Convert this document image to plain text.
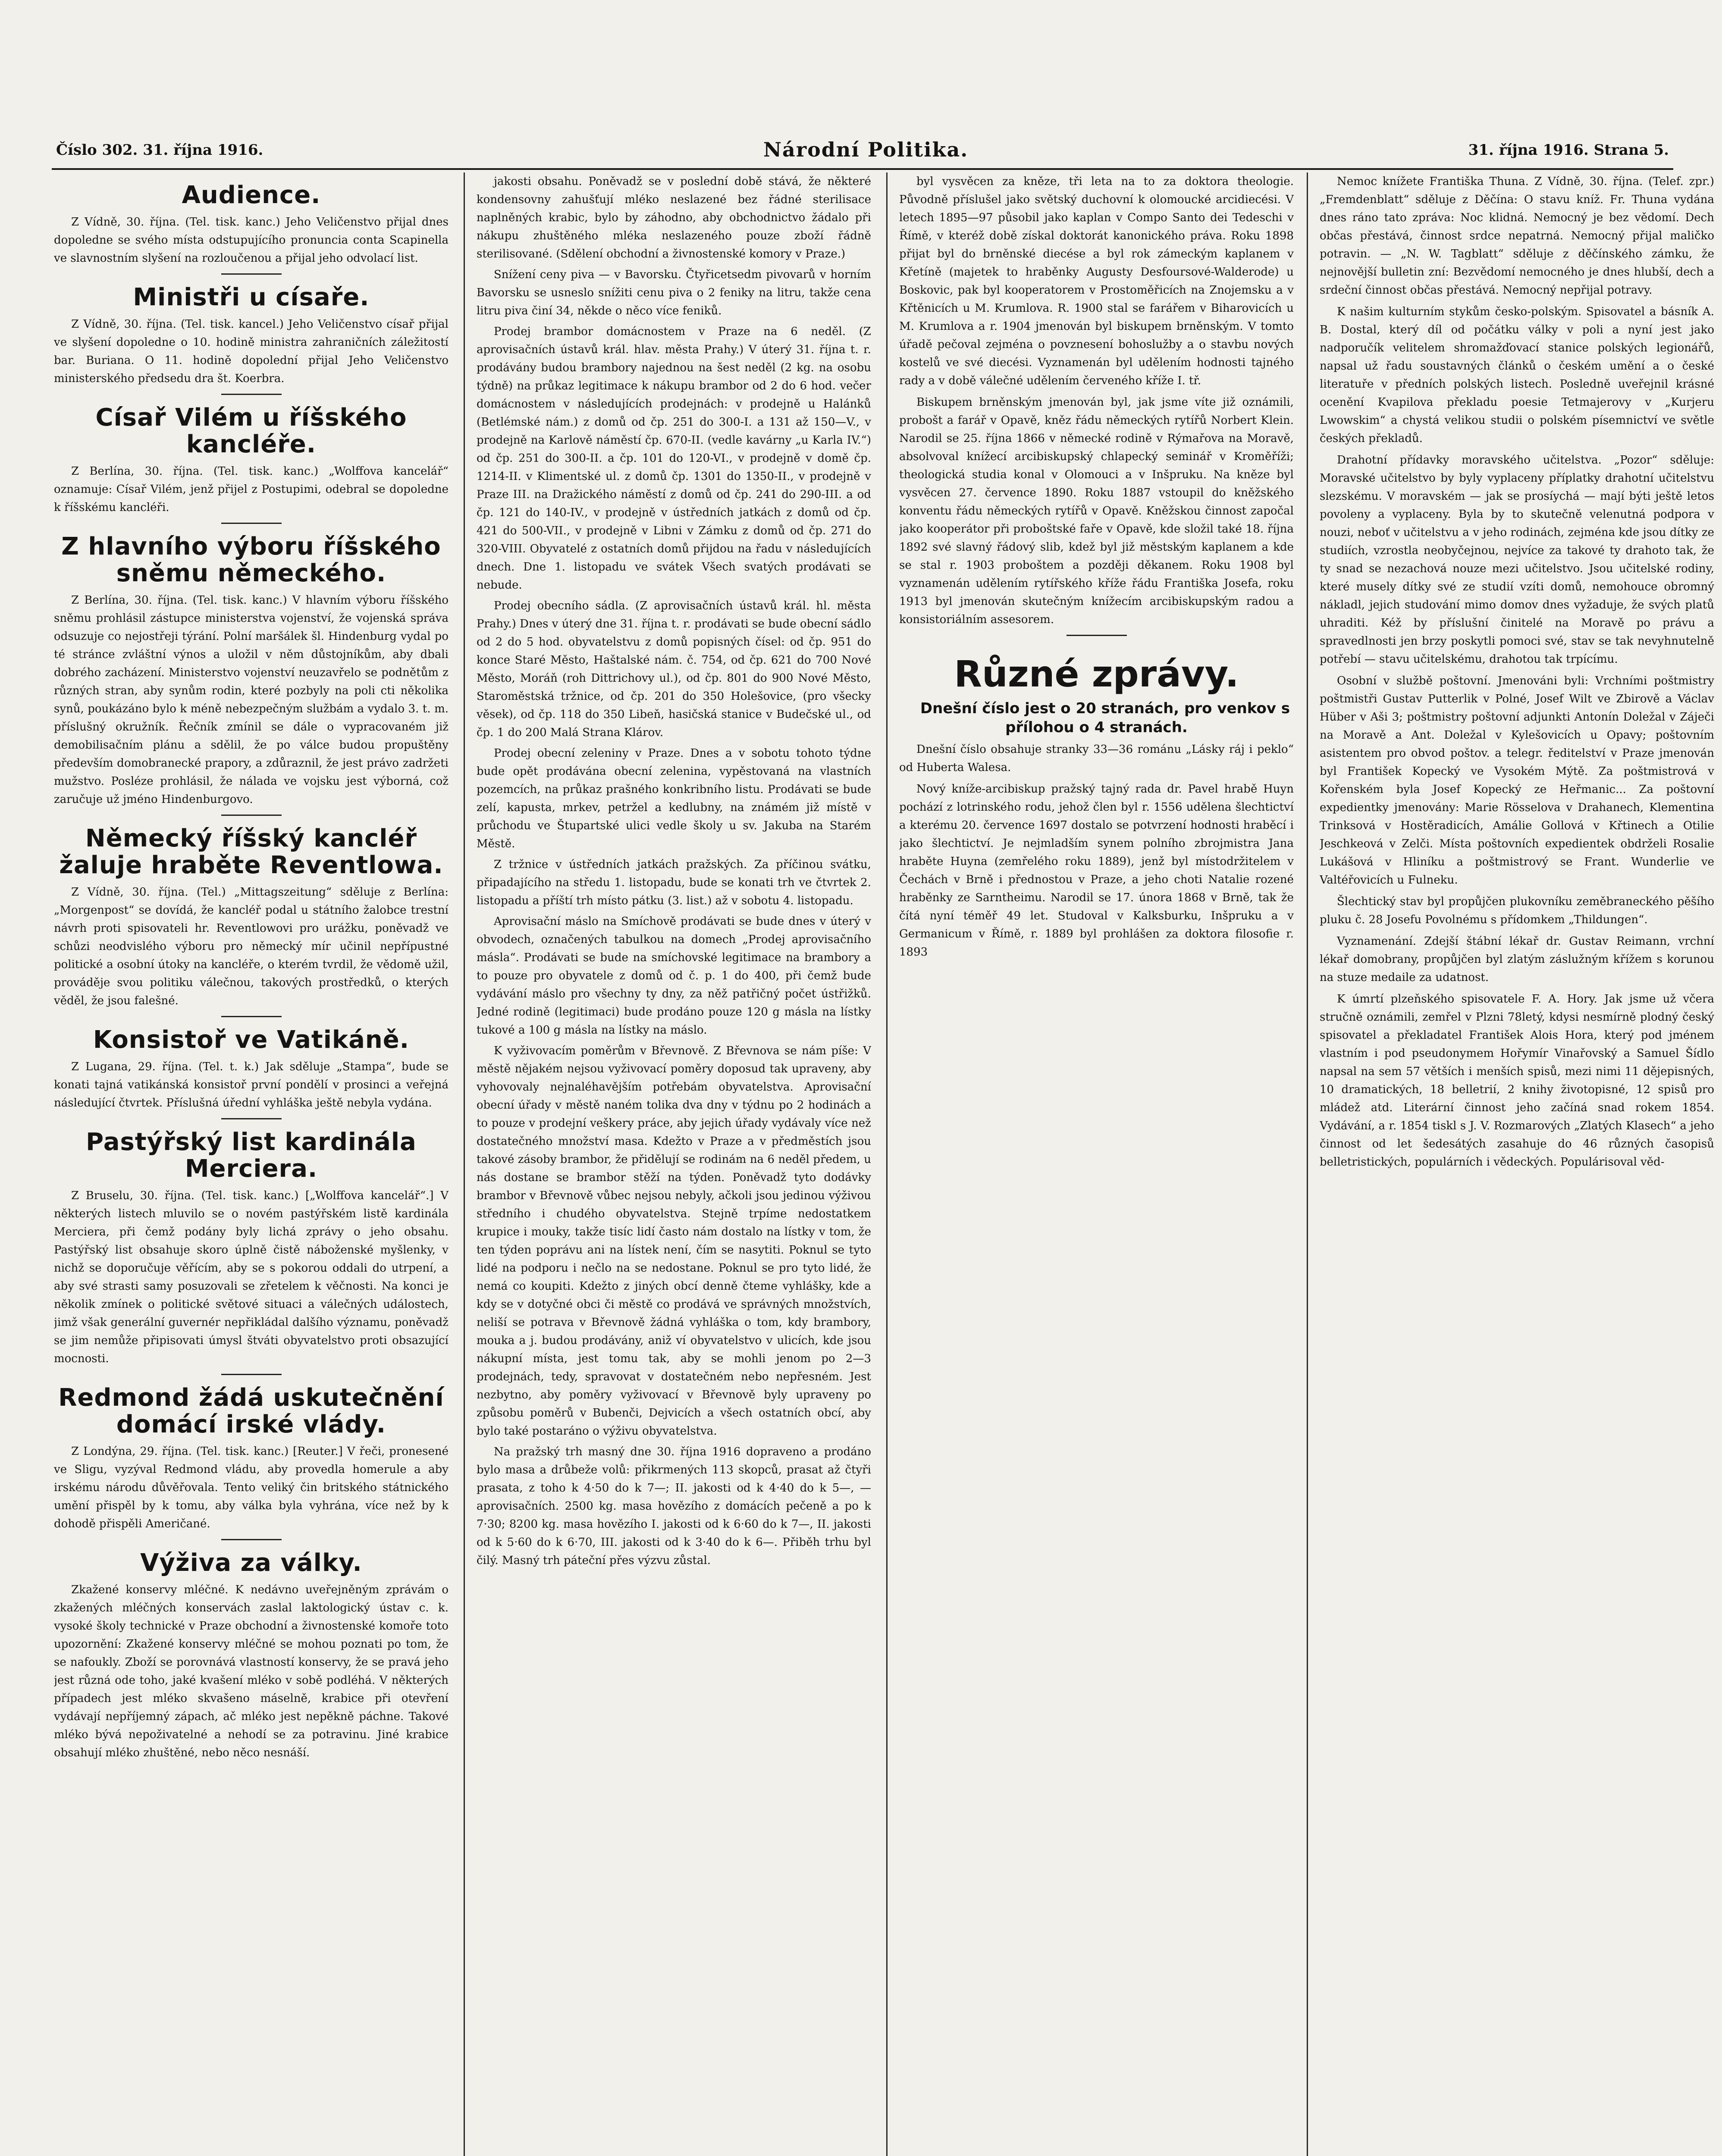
Číslo 302. 31. října 1916.	Národní Politika.	31. října 1916. Strana 5.
Audience.

Z Vídně, 30. října. (Tel. tisk. kanc.) Jeho Veličenstvo přijal dnes dopoledne se svého místa odstupujícího pronuncia conta Scapinella ve slavnostním slyšení na rozloučenou a přijal jeho odvolací list.

Ministři u císaře.

Z Vídně, 30. října. (Tel. tisk. kancel.) Jeho Veličenstvo císař přijal ve slyšení dopoledne o 10. hodině ministra zahraničních záležitostí bar. Buriana. O 11. hodině dopolední přijal Jeho Veličenstvo ministerského předsedu dra št. Koerbra.

Císař Vilém u říšského kancléře.

Z Berlína, 30. října. (Tel. tisk. kanc.) „Wolffova kancelář“ oznamuje: Císař Vilém, jenž přijel z Postupimi, odebral se dopoledne k říšskému kancléři.

Z hlavního výboru říšského sněmu německého.

Z Berlína, 30. října. (Tel. tisk. kanc.) V hlavním výboru říšského sněmu prohlásil zástupce ministerstva vojenství, že vojenská správa odsuzuje co nejostřeji týrání. Polní maršálek šl. Hindenburg vydal po té stránce zvláštní výnos a uložil v něm důstojníkům, aby dbali dobrého zacházení. Ministerstvo vojenství neuzavřelo se podnětům z různých stran, aby synům rodin, které pozbyly na poli cti několika synů, poukázáno bylo k méně nebezpečným službám a vydalo 3. t. m. příslušný okružník. Řečník zmínil se dále o vypracovaném již demobilisačním plánu a sdělil, že po válce budou propuštěny především domobranecké prapory, a zdůraznil, že jest právo zadržeti mužstvo. Posléze prohlásil, že nálada ve vojsku jest výborná, což zaručuje už jméno Hindenburgovo.

Německý říšský kancléř žaluje hraběte Reventlowa.

Z Vídně, 30. října. (Tel.) „Mittagszeitung“ sděluje z Berlína: „Morgenpost“ se dovídá, že kancléř podal u státního žalobce trestní návrh proti spisovateli hr. Reventlowovi pro urážku, poněvadž ve schůzi neodvislého výboru pro německý mír učinil nepřípustné politické a osobní útoky na kancléře, o kterém tvrdil, že vědomě užil, prováděje svou politiku válečnou, takových prostředků, o kterých věděl, že jsou falešné.

Konsistoř ve Vatikáně.

Z Lugana, 29. října. (Tel. t. k.) Jak sděluje „Stampa“, bude se konati tajná vatikánská konsistoř první pondělí v prosinci a veřejná následující čtvrtek. Příslušná úřední vyhláška ještě nebyla vydána.

Pastýřský list kardinála Merciera.

Z Bruselu, 30. října. (Tel. tisk. kanc.) [„Wolffova kancelář“.] V některých listech mluvilo se o novém pastýřském listě kardinála Merciera, při čemž podány byly lichá zprávy o jeho obsahu. Pastýřský list obsahuje skoro úplně čistě náboženské myšlenky, v nichž se doporučuje věřícím, aby se s pokorou oddali do utrpení, a aby své strasti samy posuzovali se zřetelem k věčnosti. Na konci je několik zmínek o politické světové situaci a válečných událostech, jimž však generální guvernér nepřikládal dalšího významu, poněvadž se jim nemůže připisovati úmysl štváti obyvatelstvo proti obsazující mocnosti.

Redmond žádá uskutečnění domácí irské vlády.

Z Londýna, 29. října. (Tel. tisk. kanc.) [Reuter.] V řeči, pronesené ve Sligu, vyzýval Redmond vládu, aby provedla homerule a aby irskému národu důvěřovala. Tento veliký čin britského státnického umění přispěl by k tomu, aby válka byla vyhrána, více než by k dohodě přispěli Američané.

Výživa za války.

Zkažené konservy mléčné. K nedávno uveřejněným zprávám o zkažených mléčných konservách zaslal laktologický ústav c. k. vysoké školy technické v Praze obchodní a živnostenské komoře toto upozornění: Zkažené konservy mléčné se mohou poznati po tom, že se nafoukly. Zboží se porovnává vlastností konservy, že se pravá jeho jest různá ode toho, jaké kvašení mléko v sobě podléhá. V některých případech jest mléko skvašeno máselně, krabice při otevření vydávají nepříjemný zápach, ač mléko jest nepěkně páchne. Takové mléko bývá nepoživatelné a nehodí se za potravinu. Jiné krabice obsahují mléko zhuštěné, nebo něco nesnáší.

jakosti obsahu. Poněvadž se v poslední době stává, že některé kondensovny zahušťují mléko neslazené bez řádné sterilisace naplněných krabic, bylo by záhodno, aby obchodnictvo žádalo při nákupu zhuštěného mléka neslazeného pouze zboží řádně sterilisované. (Sdělení obchodní a živnostenské komory v Praze.)

Snížení ceny piva — v Bavorsku. Čtyřicetsedm pivovarů v horním Bavorsku se usneslo snížiti cenu piva o 2 feniky na litru, takže cena litru piva činí 34, někde o něco více feniků.

Prodej brambor domácnostem v Praze na 6 neděl. (Z aprovisačních ústavů král. hlav. města Prahy.) V úterý 31. října t. r. prodávány budou brambory najednou na šest neděl (2 kg. na osobu týdně) na průkaz legitimace k nákupu brambor od 2 do 6 hod. večer domácnostem v následujících prodejnách: v prodejně u Halánků (Betlémské nám.) z domů od čp. 251 do 300-I. a 131 až 150—V., v prodejně na Karlově náměstí čp. 670-II. (vedle kavárny „u Karla IV.“) od čp. 251 do 300-II. a čp. 101 do 120-VI., v prodejně v domě čp. 1214-II. v Klimentské ul. z domů čp. 1301 do 1350-II., v prodejně v Praze III. na Dražického náměstí z domů od čp. 241 do 290-III. a od čp. 121 do 140-IV., v prodejně v ústředních jatkách z domů od čp. 421 do 500-VII., v prodejně v Libni v Zámku z domů od čp. 271 do 320-VIII. Obyvatelé z ostatních domů přijdou na řadu v následujících dnech. Dne 1. listopadu ve svátek Všech svatých prodávati se nebude.

Prodej obecního sádla. (Z aprovisačních ústavů král. hl. města Prahy.) Dnes v úterý dne 31. října t. r. prodávati se bude obecní sádlo od 2 do 5 hod. obyvatelstvu z domů popisných čísel: od čp. 951 do konce Staré Město, Haštalské nám. č. 754, od čp. 621 do 700 Nové Město, Moráň (roh Dittrichovy ul.), od čp. 801 do 900 Nové Město, Staroměstská tržnice, od čp. 201 do 350 Holešovice, (pro všecky věsek), od čp. 118 do 350 Libeň, hasičská stanice v Budečské ul., od čp. 1 do 200 Malá Strana Klárov.

Prodej obecní zeleniny v Praze. Dnes a v sobotu tohoto týdne bude opět prodávána obecní zelenina, vypěstovaná na vlastních pozemcích, na průkaz prašného konkribního listu. Prodávati se bude zelí, kapusta, mrkev, petržel a kedlubny, na známém již místě v průchodu ve Štupartské ulici vedle školy u sv. Jakuba na Starém Městě.

Z tržnice v ústředních jatkách pražských. Za příčinou svátku, připadajícího na středu 1. listopadu, bude se konati trh ve čtvrtek 2. listopadu a příští trh místo pátku (3. list.) až v sobotu 4. listopadu.

Aprovisační máslo na Smíchově prodávati se bude dnes v úterý v obvodech, označených tabulkou na domech „Prodej aprovisačního másla“. Prodávati se bude na smíchovské legitimace na brambory a to pouze pro obyvatele z domů od č. p. 1 do 400, při čemž bude vydávání máslo pro všechny ty dny, za něž patřičný počet ústřižků. Jedné rodině (legitimaci) bude prodáno pouze 120 g másla na lístky tukové a 100 g másla na lístky na máslo.

K vyživovacím poměrům v Břevnově. Z Břevnova se nám píše: V městě nějakém nejsou vyživovací poměry doposud tak upraveny, aby vyhovovaly nejnaléhavějším potřebám obyvatelstva. Aprovisační obecní úřady v městě naném tolika dva dny v týdnu po 2 hodinách a to pouze v prodejní veškery práce, aby jejich úřady vydávaly více než dostatečného množství masa. Kdežto v Praze a v předměstích jsou takové zásoby brambor, že přidělují se rodinám na 6 neděl předem, u nás dostane se brambor stěží na týden. Poněvadž tyto dodávky brambor v Břevnově vůbec nejsou nebyly, ačkoli jsou jedinou výživou středního i chudého obyvatelstva. Stejně trpíme nedostatkem krupice i mouky, takže tisíc lidí často nám dostalo na lístky v tom, že ten týden poprávu ani na lístek není, čím se nasytiti. Poknul se tyto lidé na podporu i nečlo na se nedostane. Poknul se pro tyto lidé, že nemá co koupiti. Kdežto z jiných obcí denně čteme vyhlášky, kde a kdy se v dotyčné obci či městě co prodává ve správných množstvích, neliší se potrava v Břevnově žádná vyhláška o tom, kdy brambory, mouka a j. budou prodávány, aniž ví obyvatelstvo v ulicích, kde jsou nákupní místa, jest tomu tak, aby se mohli jenom po 2—3 prodejnách, tedy, spravovat v dostatečném nebo nepřesném. Jest nezbytno, aby poměry vyživovací v Břevnově byly upraveny po způsobu poměrů v Bubenči, Dejvicích a všech ostatních obcí, aby bylo také postaráno o výživu obyvatelstva.

Na pražský trh masný dne 30. října 1916 dopraveno a prodáno bylo masa a drůbeže volů: přikrmených 113 skopců, prasat až čtyři prasata, z toho k 4·50 do k 7—; II. jakosti od k 4·40 do k 5—, — aprovisačních. 2500 kg. masa hovězího z domácích pečeně a po k 7·30; 8200 kg. masa hovězího I. jakosti od k 6·60 do k 7—, II. jakosti od k 5·60 do k 6·70, III. jakosti od k 3·40 do k 6—. Přiběh trhu byl čilý. Masný trh páteční přes výzvu zůstal.

byl vysvěcen za kněze, tři leta na to za doktora theologie. Původně příslušel jako světský duchovní k olomoucké arcidiecési. V letech 1895—97 působil jako kaplan v Compo Santo dei Tedeschi v Římě, v kteréž době získal doktorát kanonického práva. Roku 1898 přijat byl do brněnské diecése a byl rok zámeckým kaplanem v Křetíně (majetek to hraběnky Augusty Desfoursové-Walderode) u Boskovic, pak byl kooperatorem v Prostoměřicích na Znojemsku a v Křtěnicích u M. Krumlova. R. 1900 stal se farářem v Biharovicích u M. Krumlova a r. 1904 jmenován byl biskupem brněnským. V tomto úřadě pečoval zejména o povznesení bohoslužby a o stavbu nových kostelů ve své diecési. Vyznamenán byl udělením hodnosti tajného rady a v době válečné udělením červeného kříže I. tř.

Biskupem brněnským jmenován byl, jak jsme víte již oznámili, probošt a farář v Opavě, kněz řádu německých rytířů Norbert Klein. Narodil se 25. října 1866 v německé rodině v Rýmařova na Moravě, absolvoval knížecí arcibiskupský chlapecký seminář v Kroměříži; theologická studia konal v Olomouci a v Inšpruku. Na kněze byl vysvěcen 27. července 1890. Roku 1887 vstoupil do kněžského konventu řádu německých rytířů v Opavě. Kněžskou činnost započal jako kooperátor při proboštské faře v Opavě, kde složil také 18. října 1892 své slavný řádový slib, kdež byl již městským kaplanem a kde se stal r. 1903 proboštem a později děkanem. Roku 1908 byl vyznamenán udělením rytířského kříže řádu Františka Josefa, roku 1913 byl jmenován skutečným knížecím arcibiskupským radou a konsistoriálním assesorem.

Různé zprávy.

Dnešní číslo jest o 20 stranách, pro venkov s přílohou o 4 stranách.

Dnešní číslo obsahuje stranky 33—36 románu „Lásky ráj i peklo“ od Huberta Walesa.

Nový kníže-arcibiskup pražský tajný rada dr. Pavel hrabě Huyn pochází z lotrinského rodu, jehož člen byl r. 1556 udělena šlechtictví a kterému 20. července 1697 dostalo se potvrzení hodnosti hraběcí i jako šlechtictví. Je nejmladším synem polního zbrojmistra Jana hraběte Huyna (zemřelého roku 1889), jenž byl místodržitelem v Čechách v Brně i přednostou v Praze, a jeho choti Natalie rozené hraběnky ze Sarntheimu. Narodil se 17. února 1868 v Brně, tak že čítá nyní téměř 49 let. Studoval v Kalksburku, Inšpruku a v Germanicum v Římě, r. 1889 byl prohlášen za doktora filosofie r. 1893

Nemoc knížete Františka Thuna. Z Vídně, 30. října. (Telef. zpr.) „Fremdenblatt“ sděluje z Děčína: O stavu kníž. Fr. Thuna vydána dnes ráno tato zpráva: Noc klidná. Nemocný je bez vědomí. Dech občas přestává, činnost srdce nepatrná. Nemocný přijal maličko potravin. — „N. W. Tagblatt“ sděluje z děčínského zámku, že nejnovější bulletin zní: Bezvědomí nemocného je dnes hlubší, dech a srdeční činnost občas přestává. Nemocný nepřijal potravy.

K našim kulturním stykům česko-polským. Spisovatel a básník A. B. Dostal, který díl od počátku války v poli a nyní jest jako nadporučík velitelem shromažďovací stanice polských legionářů, napsal už řadu soustavných článků o českém umění a o české literatuře v předních polských listech. Posledně uveřejnil krásné ocenění Kvapilova překladu poesie Tetmajerovy v „Kurjeru Lwowskim“ a chystá velikou studii o polském písemnictví ve světle českých překladů.

Drahotní přídavky moravského učitelstva. „Pozor“ sděluje: Moravské učitelstvo by byly vyplaceny příplatky drahotní učitelstvu slezskému. V moravském — jak se prosíychá — mají býti ještě letos povoleny a vyplaceny. Byla by to skutečně velenutná podpora v nouzi, neboť v učitelstvu a v jeho rodinách, zejména kde jsou dítky ze studiích, vzrostla neobyčejnou, nejvíce za takové ty drahoto tak, že ty snad se nezachová nouze mezi učitelstvo. Jsou učitelské rodiny, které musely dítky své ze studií vzíti domů, nemohouce obromný nákladl, jejich studování mimo domov dnes vyžaduje, že svých platů uhraditi. Kéž by příslušní činitelé na Moravě po právu a spravedlnosti jen brzy poskytli pomoci své, stav se tak nevyhnutelně potřebí — stavu učitelskému, drahotou tak trpícímu.

Osobní v službě poštovní. Jmenováni byli: Vrchními poštmistry poštmistři Gustav Putterlik v Polné, Josef Wilt ve Zbirově a Václav Hüber v Aši 3; poštmistry poštovní adjunkti Antonín Doležal v Záječi na Moravě a Ant. Doležal v Kylešovicích u Opavy; poštovním asistentem pro obvod poštov. a telegr. ředitelství v Praze jmenován byl František Kopecký ve Vysokém Mýtě. Za poštmistrová v Kořenském byla Josef Kopecký ze Heřmanic... Za poštovní expedientky jmenovány: Marie Rösselova v Drahanech, Klementina Trinksová v Hostěradicích, Amálie Gollová v Křtinech a Otilie Jeschkeová v Zelči. Místa poštovních expedientek obdrželi Rosalie Lukášová v Hliníku a poštmistrový se Frant. Wunderlie ve Valtéřovicích u Fulneku.

Šlechtický stav byl propůjčen plukovníku zeměbraneckého pěšího pluku č. 28 Josefu Povolnému s přídomkem „Thildungen“.

Vyznamenání. Zdejší štábní lékař dr. Gustav Reimann, vrchní lékař domobrany, propůjčen byl zlatým záslužným křížem s korunou na stuze medaile za udatnost.

K úmrtí plzeňského spisovatele F. A. Hory. Jak jsme už včera stručně oznámili, zemřel v Plzni 78letý, kdysi nesmírně plodný český spisovatel a překladatel František Alois Hora, který pod jménem vlastním i pod pseudonymem Hořymír Vinařovský a Samuel Šídlo napsal na sem 57 větších i menších spisů, mezi nimi 11 dějepisných, 10 dramatických, 18 belletrií, 2 knihy životopisné, 12 spisů pro mládež atd. Literární činnost jeho začíná snad rokem 1854. Vydávání, a r. 1854 tiskl s J. V. Rozmarových „Zlatých Klasech“ a jeho činnost od let šedesátých zasahuje do 46 různých časopisů belletristických, populárních i vědeckých. Populárisoval věd-
